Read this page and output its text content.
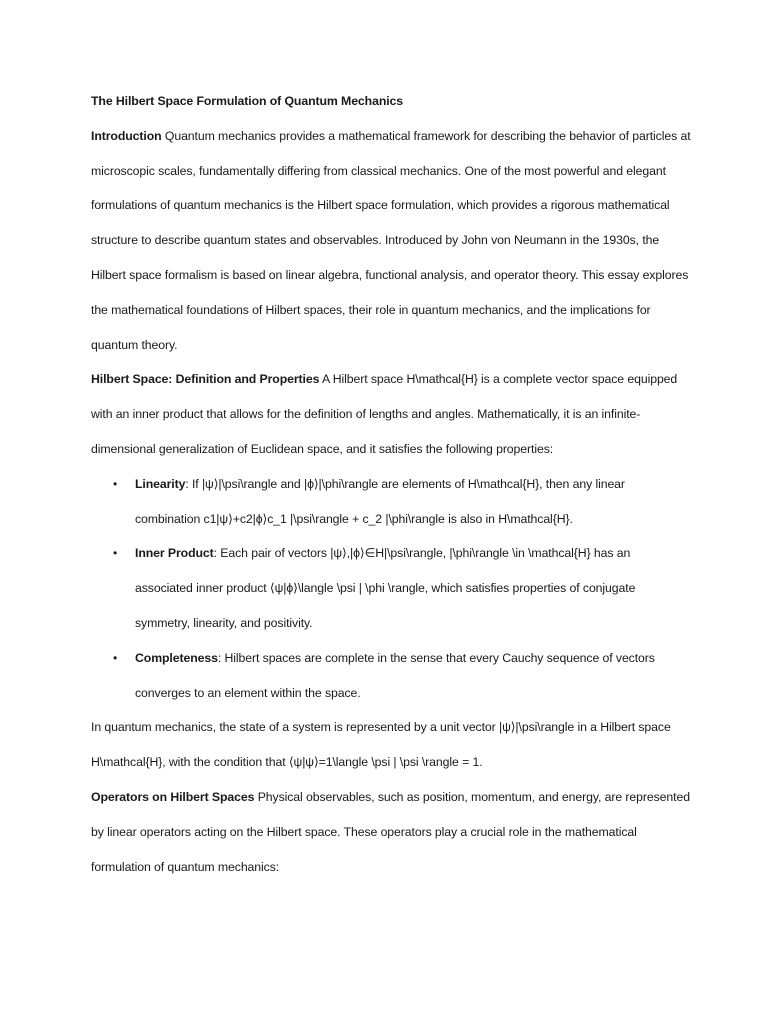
The Hilbert Space Formulation of Quantum Mechanics

Introduction Quantum mechanics provides a mathematical framework for describing the behavior of particles at microscopic scales, fundamentally differing from classical mechanics. One of the most powerful and elegant formulations of quantum mechanics is the Hilbert space formulation, which provides a rigorous mathematical structure to describe quantum states and observables. Introduced by John von Neumann in the 1930s, the Hilbert space formalism is based on linear algebra, functional analysis, and operator theory. This essay explores the mathematical foundations of Hilbert spaces, their role in quantum mechanics, and the implications for quantum theory.

Hilbert Space: Definition and Properties A Hilbert space H\mathcal{H} is a complete vector space equipped with an inner product that allows for the definition of lengths and angles. Mathematically, it is an infinite-dimensional generalization of Euclidean space, and it satisfies the following properties:

• Linearity: If |ψ⟩|\psi\rangle and |ϕ⟩|\phi\rangle are elements of H\mathcal{H}, then any linear combination c1|ψ⟩+c2|ϕ⟩c_1 |\psi\rangle + c_2 |\phi\rangle is also in H\mathcal{H}.
• Inner Product: Each pair of vectors |ψ⟩,|ϕ⟩∈H|\psi\rangle, |\phi\rangle \in \mathcal{H} has an associated inner product ⟨ψ|ϕ⟩\langle \psi | \phi \rangle, which satisfies properties of conjugate symmetry, linearity, and positivity.
• Completeness: Hilbert spaces are complete in the sense that every Cauchy sequence of vectors converges to an element within the space.

In quantum mechanics, the state of a system is represented by a unit vector |ψ⟩|\psi\rangle in a Hilbert space H\mathcal{H}, with the condition that ⟨ψ|ψ⟩=1\langle \psi | \psi \rangle = 1.

Operators on Hilbert Spaces Physical observables, such as position, momentum, and energy, are represented by linear operators acting on the Hilbert space. These operators play a crucial role in the mathematical formulation of quantum mechanics:
